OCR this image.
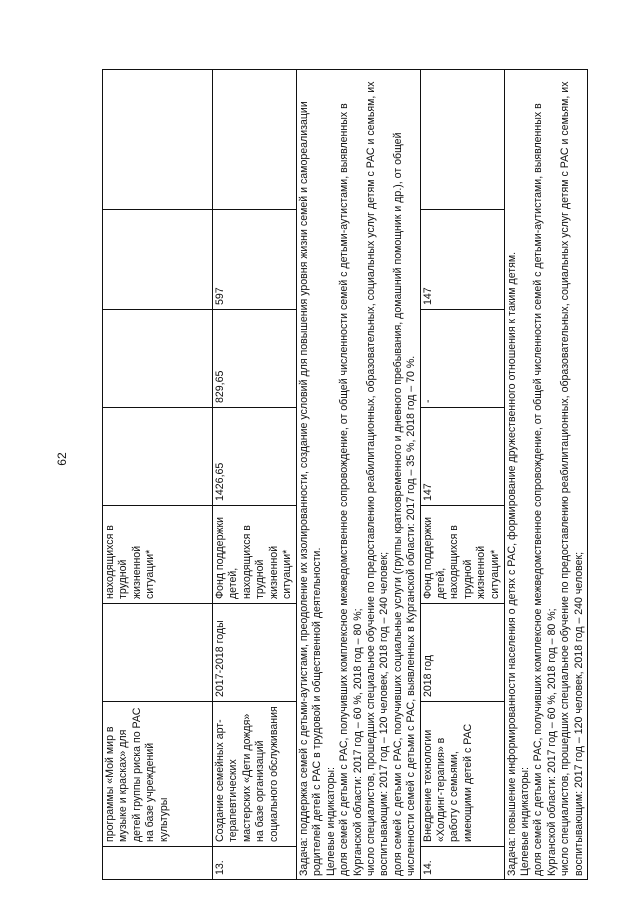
62
	программы «Мой мир в музыке и красках» для детей группы риска по РАС на базе учреждений культуры		находящихся в трудной жизненной ситуации*				
13.	Создание семейных арт-терапевтических мастерских «Дети дождя» на базе организаций социального обслуживания	2017-2018 годы	Фонд поддержки детей, находящихся в трудной жизненной ситуации*	1426,65	829,65	597	

Задача: поддержка семей с детьми-аутистами, преодоление их изолированности, создание условий для повышения уровня жизни семей и самореализации родителей детей с РАС в трудовой и общественной деятельности. Целевые индикаторы: доля семей с детьми с РАС, получивших комплексное межведомственное сопровождение, от общей численности семей с детьми-аутистами, выявленных в Курганской области: 2017 год – 60 %, 2018 год – 80 %; число специалистов, прошедших специальное обучение по предоставлению реабилитационных, образовательных, социальных услуг детям с РАС и семьям, их воспитывающим: 2017 год – 120 человек, 2018 год – 240 человек; доля семей с детьми с РАС, получивших социальные услуги (группы кратковременного и дневного пребывания, домашний помощник и др.), от общей численности семей с детьми с РАС, выявленных в Курганской области: 2017 год – 35 %, 2018 год – 70 %.							

14.	Внедрение технологии «Холдинг-терапия» в работу с семьями, имеющими детей с РАС	2018 год	Фонд поддержки детей, находящихся в трудной жизненной ситуации*	147	-	147	

Задача: повышение информированности населения о детях с РАС, формирование дружественного отношения к таким детям. Целевые индикаторы: доля семей с детьми с РАС, получивших комплексное межведомственное сопровождение, от общей численности семей с детьми-аутистами, выявленных в Курганской области: 2017 год – 60 %, 2018 год – 80 %; число специалистов, прошедших специальное обучение по предоставлению реабилитационных, образовательных, социальных услуг детям с РАС и семьям, их воспитывающим: 2017 год – 120 человек, 2018 год – 240 человек;							
